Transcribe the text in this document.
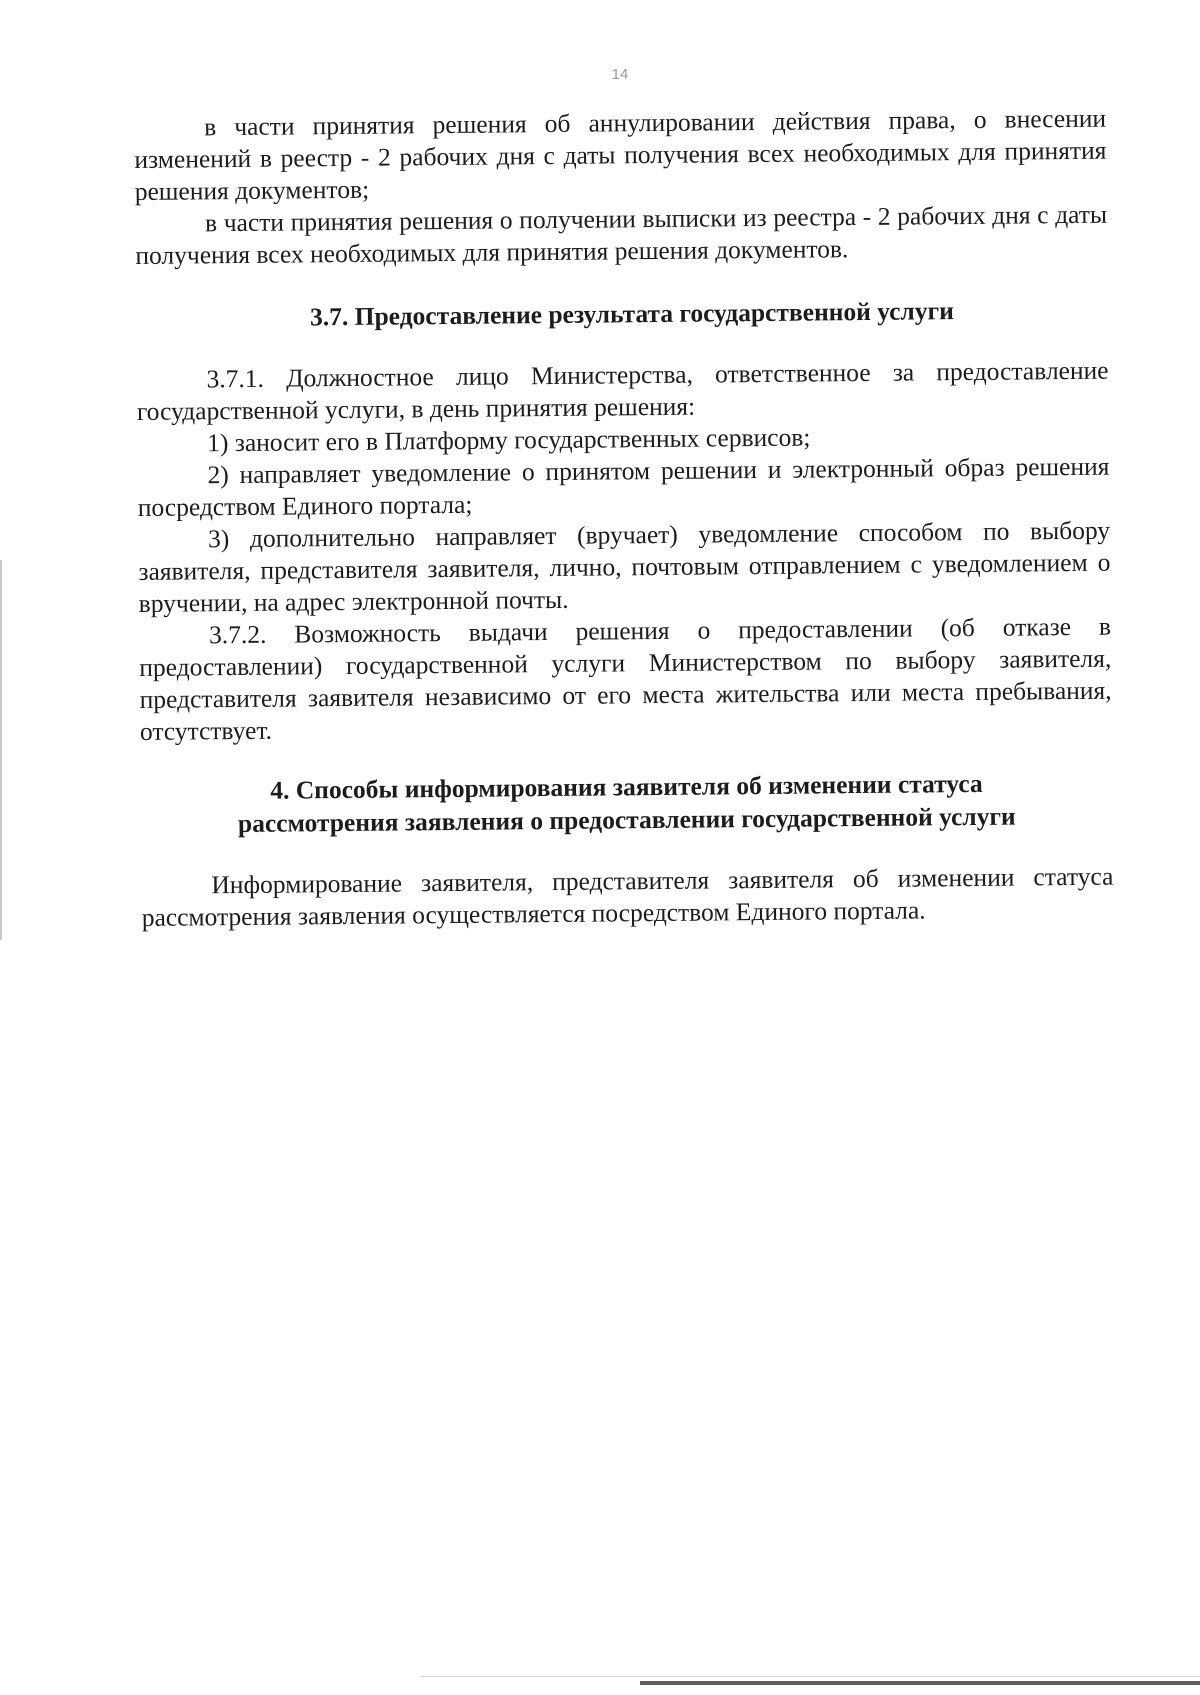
14

в части принятия решения об аннулировании действия права, о внесении изменений в реестр - 2 рабочих дня с даты получения всех необходимых для принятия решения документов;

в части принятия решения о получении выписки из реестра - 2 рабочих дня с даты получения всех необходимых для принятия решения документов.

3.7. Предоставление результата государственной услуги

3.7.1. Должностное лицо Министерства, ответственное за предоставление государственной услуги, в день принятия решения:

1) заносит его в Платформу государственных сервисов;

2) направляет уведомление о принятом решении и электронный образ решения посредством Единого портала;

3) дополнительно направляет (вручает) уведомление способом по выбору заявителя, представителя заявителя, лично, почтовым отправлением с уведомлением о вручении, на адрес электронной почты.

3.7.2. Возможность выдачи решения о предоставлении (об отказе в предоставлении) государственной услуги Министерством по выбору заявителя, представителя заявителя независимо от его места жительства или места пребывания, отсутствует.

4. Способы информирования заявителя об изменении статуса
рассмотрения заявления о предоставлении государственной услуги

Информирование заявителя, представителя заявителя об изменении статуса рассмотрения заявления осуществляется посредством Единого портала.
